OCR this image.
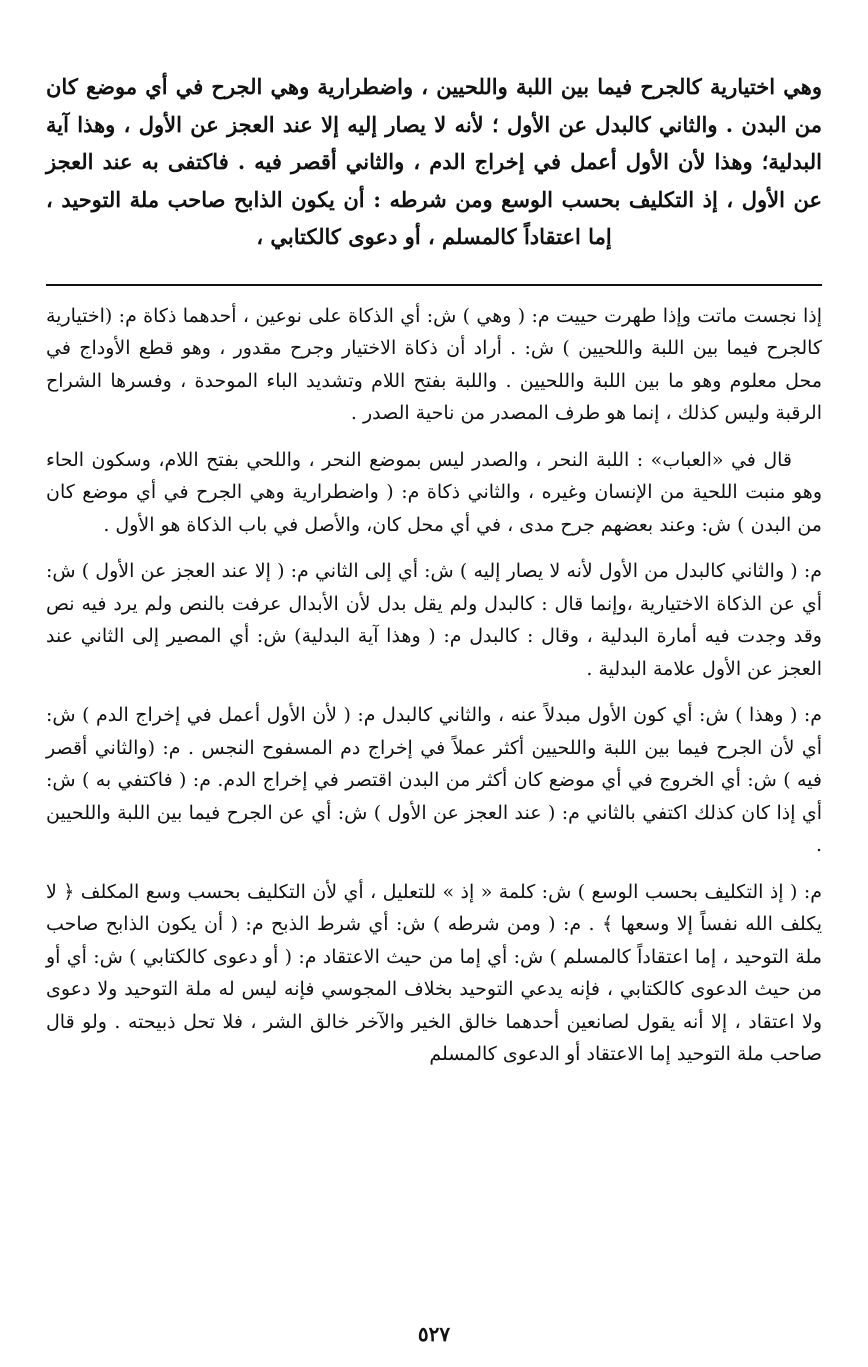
وهي اختيارية كالجرح فيما بين اللبة واللحيين ، واضطرارية وهي الجرح في أي موضع كان من البدن . والثاني كالبدل عن الأول ؛ لأنه لا يصار إليه إلا عند العجز عن الأول ، وهذا آية البدلية؛ وهذا لأن الأول أعمل في إخراج الدم ، والثاني أقصر فيه . فاكتفى به عند العجز عن الأول ، إذ التكليف بحسب الوسع ومن شرطه : أن يكون الذابح صاحب ملة التوحيد ، إما اعتقاداً كالمسلم ، أو دعوى كالكتابي ،

إذا نجست ماتت وإذا طهرت حييت م: ( وهي ) ش: أي الذكاة على نوعين ، أحدهما ذكاة م: (اختيارية كالجرح فيما بين اللبة واللحيين ) ش: . أراد أن ذكاة الاختيار وجرح مقدور ، وهو قطع الأوداج في محل معلوم وهو ما بين اللبة واللحيين . واللبة بفتح اللام وتشديد الباء الموحدة ، وفسرها الشراح الرقبة وليس كذلك ، إنما هو طرف المصدر من ناحية الصدر .

قال في «العباب» : اللبة النحر ، والصدر ليس بموضع النحر ، واللحي بفتح اللام، وسكون الحاء وهو منبت اللحية من الإنسان وغيره ، والثاني ذكاة م: ( واضطرارية وهي الجرح في أي موضع كان من البدن ) ش: وعند بعضهم جرح مدى ، في أي محل كان، والأصل في باب الذكاة هو الأول .

م: ( والثاني كالبدل من الأول لأنه لا يصار إليه ) ش: أي إلى الثاني م: ( إلا عند العجز عن الأول ) ش: أي عن الذكاة الاختيارية ،وإنما قال : كالبدل ولم يقل بدل لأن الأبدال عرفت بالنص ولم يرد فيه نص وقد وجدت فيه أمارة البدلية ، وقال : كالبدل م: ( وهذا آية البدلية) ش: أي المصير إلى الثاني عند العجز عن الأول علامة البدلية .

م: ( وهذا ) ش: أي كون الأول مبدلاً عنه ، والثاني كالبدل م: ( لأن الأول أعمل في إخراج الدم ) ش: أي لأن الجرح فيما بين اللبة واللحيين أكثر عملاً في إخراج دم المسفوح النجس . م: (والثاني أقصر فيه ) ش: أي الخروج في أي موضع كان أكثر من البدن اقتصر في إخراج الدم. م: ( فاكتفي به ) ش: أي إذا كان كذلك اكتفي بالثاني م: ( عند العجز عن الأول ) ش: أي عن الجرح فيما بين اللبة واللحيين .

م: ( إذ التكليف بحسب الوسع ) ش: كلمة « إذ » للتعليل ، أي لأن التكليف بحسب وسع المكلف ﴿ لا يكلف الله نفساً إلا وسعها ﴾ . م: ( ومن شرطه ) ش: أي شرط الذبح م: ( أن يكون الذابح صاحب ملة التوحيد ، إما اعتقاداً كالمسلم ) ش: أي إما من حيث الاعتقاد م: ( أو دعوى كالكتابي ) ش: أي أو من حيث الدعوى كالكتابي ، فإنه يدعي التوحيد بخلاف المجوسي فإنه ليس له ملة التوحيد ولا دعوى ولا اعتقاد ، إلا أنه يقول لصانعين أحدهما خالق الخير والآخر خالق الشر ، فلا تحل ذبيحته . ولو قال صاحب ملة التوحيد إما الاعتقاد أو الدعوى كالمسلم

٥٢٧
